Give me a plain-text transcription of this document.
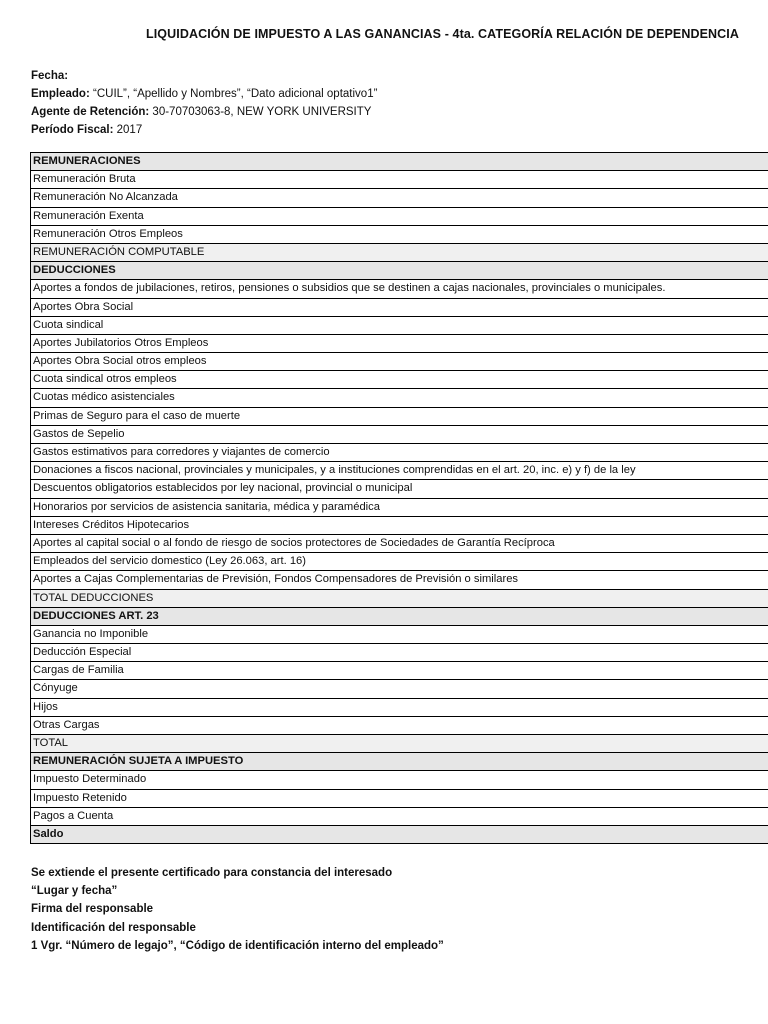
LIQUIDACIÓN DE IMPUESTO A LAS GANANCIAS - 4ta. CATEGORÍA RELACIÓN DE DEPENDENCIA
Fecha:
Empleado: “CUIL”, “Apellido y Nombres”, “Dato adicional optativo1”
Agente de Retención: 30-70703063-8, NEW YORK UNIVERSITY
Período Fiscal: 2017
REMUNERACIONES
Remuneración Bruta
Remuneración No Alcanzada
Remuneración Exenta
Remuneración Otros Empleos
REMUNERACIÓN COMPUTABLE
DEDUCCIONES
Aportes a fondos de jubilaciones, retiros, pensiones o subsidios que se destinen a cajas nacionales, provinciales o municipales.
Aportes Obra Social
Cuota sindical
Aportes Jubilatorios Otros Empleos
Aportes Obra Social otros empleos
Cuota sindical otros empleos
Cuotas médico asistenciales
Primas de Seguro para el caso de muerte
Gastos de Sepelio
Gastos estimativos para corredores y viajantes de comercio
Donaciones a fiscos nacional, provinciales y municipales, y a instituciones comprendidas en el art. 20, inc. e) y f) de la ley
Descuentos obligatorios establecidos por ley nacional, provincial o municipal
Honorarios por servicios de asistencia sanitaria, médica y paramédica
Intereses Créditos Hipotecarios
Aportes al capital social o al fondo de riesgo de socios protectores de Sociedades de Garantía Recíproca
Empleados del servicio domestico (Ley 26.063, art. 16)
Aportes a Cajas Complementarias de Previsión, Fondos Compensadores de Previsión o similares
TOTAL DEDUCCIONES
DEDUCCIONES ART. 23
Ganancia no Imponible
Deducción Especial
Cargas de Familia
Cónyuge
Hijos
Otras Cargas
TOTAL
REMUNERACIÓN SUJETA A IMPUESTO
Impuesto Determinado
Impuesto Retenido
Pagos a Cuenta
Saldo
Se extiende el presente certificado para constancia del interesado
“Lugar y fecha”
Firma del responsable
Identificación del responsable
1 Vgr. “Número de legajo”, “Código de identificación interno del empleado”
